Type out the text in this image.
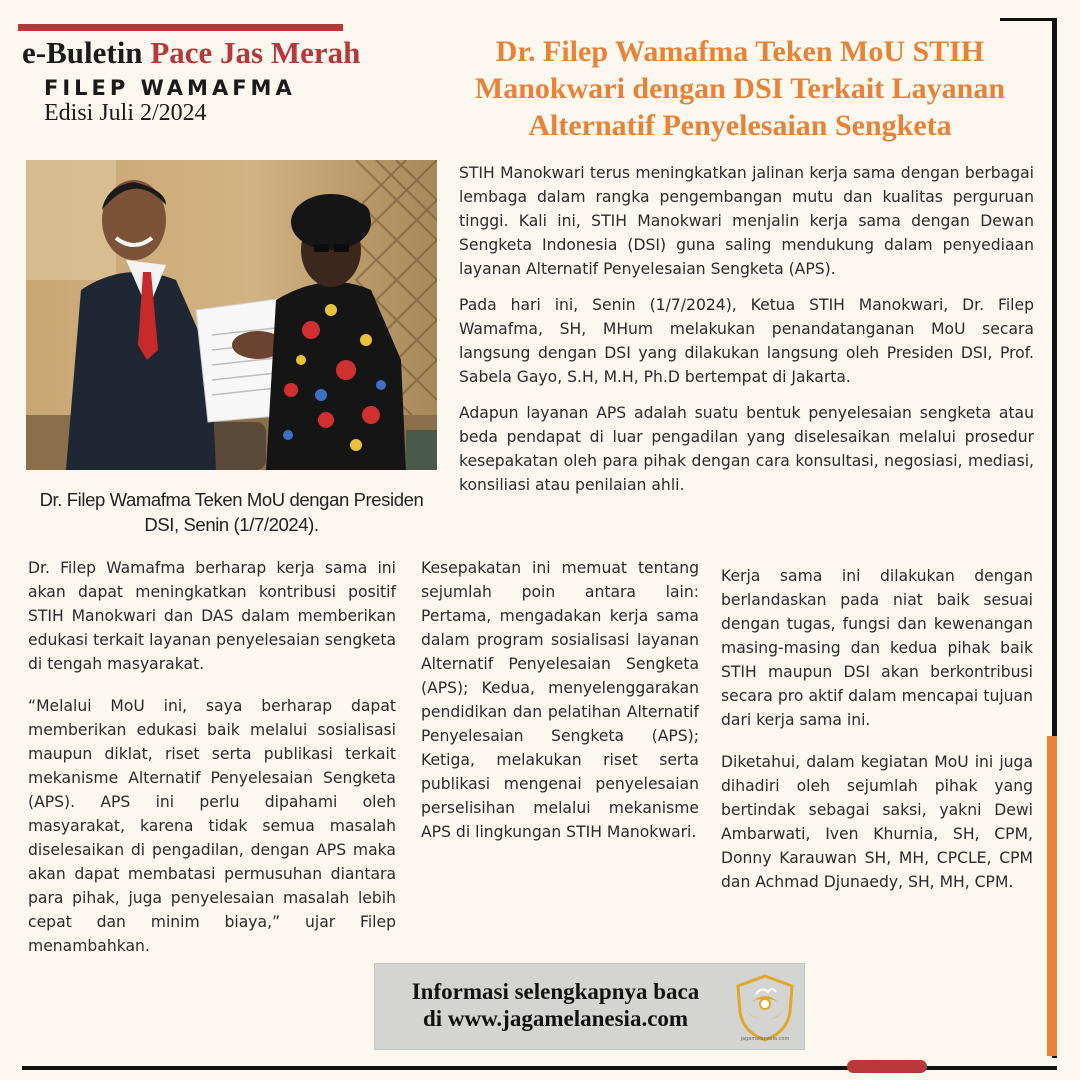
e-Buletin Pace Jas Merah
FILEP WAMAFMA
Edisi Juli 2/2024
Dr. Filep Wamafma Teken MoU STIH Manokwari dengan DSI Terkait Layanan Alternatif Penyelesaian Sengketa
Dr. Filep Wamafma Teken MoU dengan Presiden DSI, Senin (1/7/2024).

STIH Manokwari terus meningkatkan jalinan kerja sama dengan berbagai lembaga dalam rangka pengembangan mutu dan kualitas perguruan tinggi. Kali ini, STIH Manokwari menjalin kerja sama dengan Dewan Sengketa Indonesia (DSI) guna saling mendukung dalam penyediaan layanan Alternatif Penyelesaian Sengketa (APS).

Pada hari ini, Senin (1/7/2024), Ketua STIH Manokwari, Dr. Filep Wamafma, SH, MHum melakukan penandatanganan MoU secara langsung dengan DSI yang dilakukan langsung oleh Presiden DSI, Prof. Sabela Gayo, S.H, M.H, Ph.D bertempat di Jakarta.

Adapun layanan APS adalah suatu bentuk penyelesaian sengketa atau beda pendapat di luar pengadilan yang diselesaikan melalui prosedur kesepakatan oleh para pihak dengan cara konsultasi, negosiasi, mediasi, konsiliasi atau penilaian ahli.

Dr. Filep Wamafma berharap kerja sama ini akan dapat meningkatkan kontribusi positif STIH Manokwari dan DAS dalam memberikan edukasi terkait layanan penyelesaian sengketa di tengah masyarakat.

“Melalui MoU ini, saya berharap dapat memberikan edukasi baik melalui sosialisasi maupun diklat, riset serta publikasi terkait mekanisme Alternatif Penyelesaian Sengketa (APS). APS ini perlu dipahami oleh masyarakat, karena tidak semua masalah diselesaikan di pengadilan, dengan APS maka akan dapat membatasi permusuhan diantara para pihak, juga penyelesaian masalah lebih cepat dan minim biaya,” ujar Filep menambahkan.

Kesepakatan ini memuat tentang sejumlah poin antara lain: Pertama, mengadakan kerja sama dalam program sosialisasi layanan Alternatif Penyelesaian Sengketa (APS); Kedua, menyelenggarakan pendidikan dan pelatihan Alternatif Penyelesaian Sengketa (APS); Ketiga, melakukan riset serta publikasi mengenai penyelesaian perselisihan melalui mekanisme APS di lingkungan STIH Manokwari.

Kerja sama ini dilakukan dengan berlandaskan pada niat baik sesuai dengan tugas, fungsi dan kewenangan masing-masing dan kedua pihak baik STIH maupun DSI akan berkontribusi secara pro aktif dalam mencapai tujuan dari kerja sama ini.

Diketahui, dalam kegiatan MoU ini juga dihadiri oleh sejumlah pihak yang bertindak sebagai saksi, yakni Dewi Ambarwati, Iven Khurnia, SH, CPM, Donny Karauwan SH, MH, CPCLE, CPM dan Achmad Djunaedy, SH, MH, CPM.

Informasi selengkapnya baca
di www.jagamelanesia.com
jagamelanesia.com
